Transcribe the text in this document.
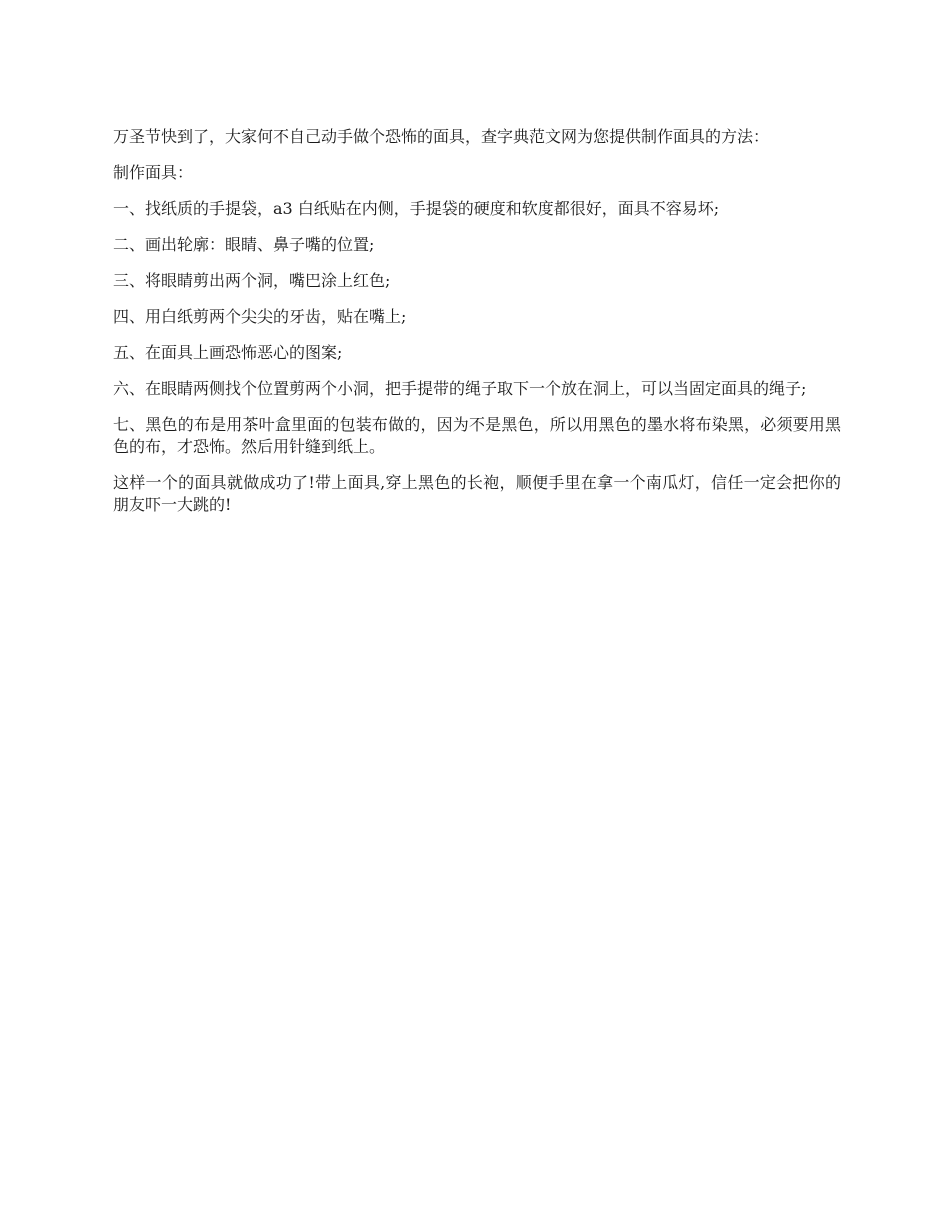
万圣节快到了，大家何不自己动手做个恐怖的面具，查字典范文网为您提供制作面具的方法：

制作面具：

一、找纸质的手提袋，a3 白纸贴在内侧，手提袋的硬度和软度都很好，面具不容易坏;

二、画出轮廓：眼睛、鼻子嘴的位置;

三、将眼睛剪出两个洞，嘴巴涂上红色;

四、用白纸剪两个尖尖的牙齿，贴在嘴上;

五、在面具上画恐怖恶心的图案;

六、在眼睛两侧找个位置剪两个小洞，把手提带的绳子取下一个放在洞上，可以当固定面具的绳子;

七、黑色的布是用茶叶盒里面的包装布做的，因为不是黑色，所以用黑色的墨水将布染黑，必须要用黑色的布，才恐怖。然后用针缝到纸上。

这样一个的面具就做成功了!带上面具,穿上黑色的长袍，顺便手里在拿一个南瓜灯，信任一定会把你的朋友吓一大跳的!
